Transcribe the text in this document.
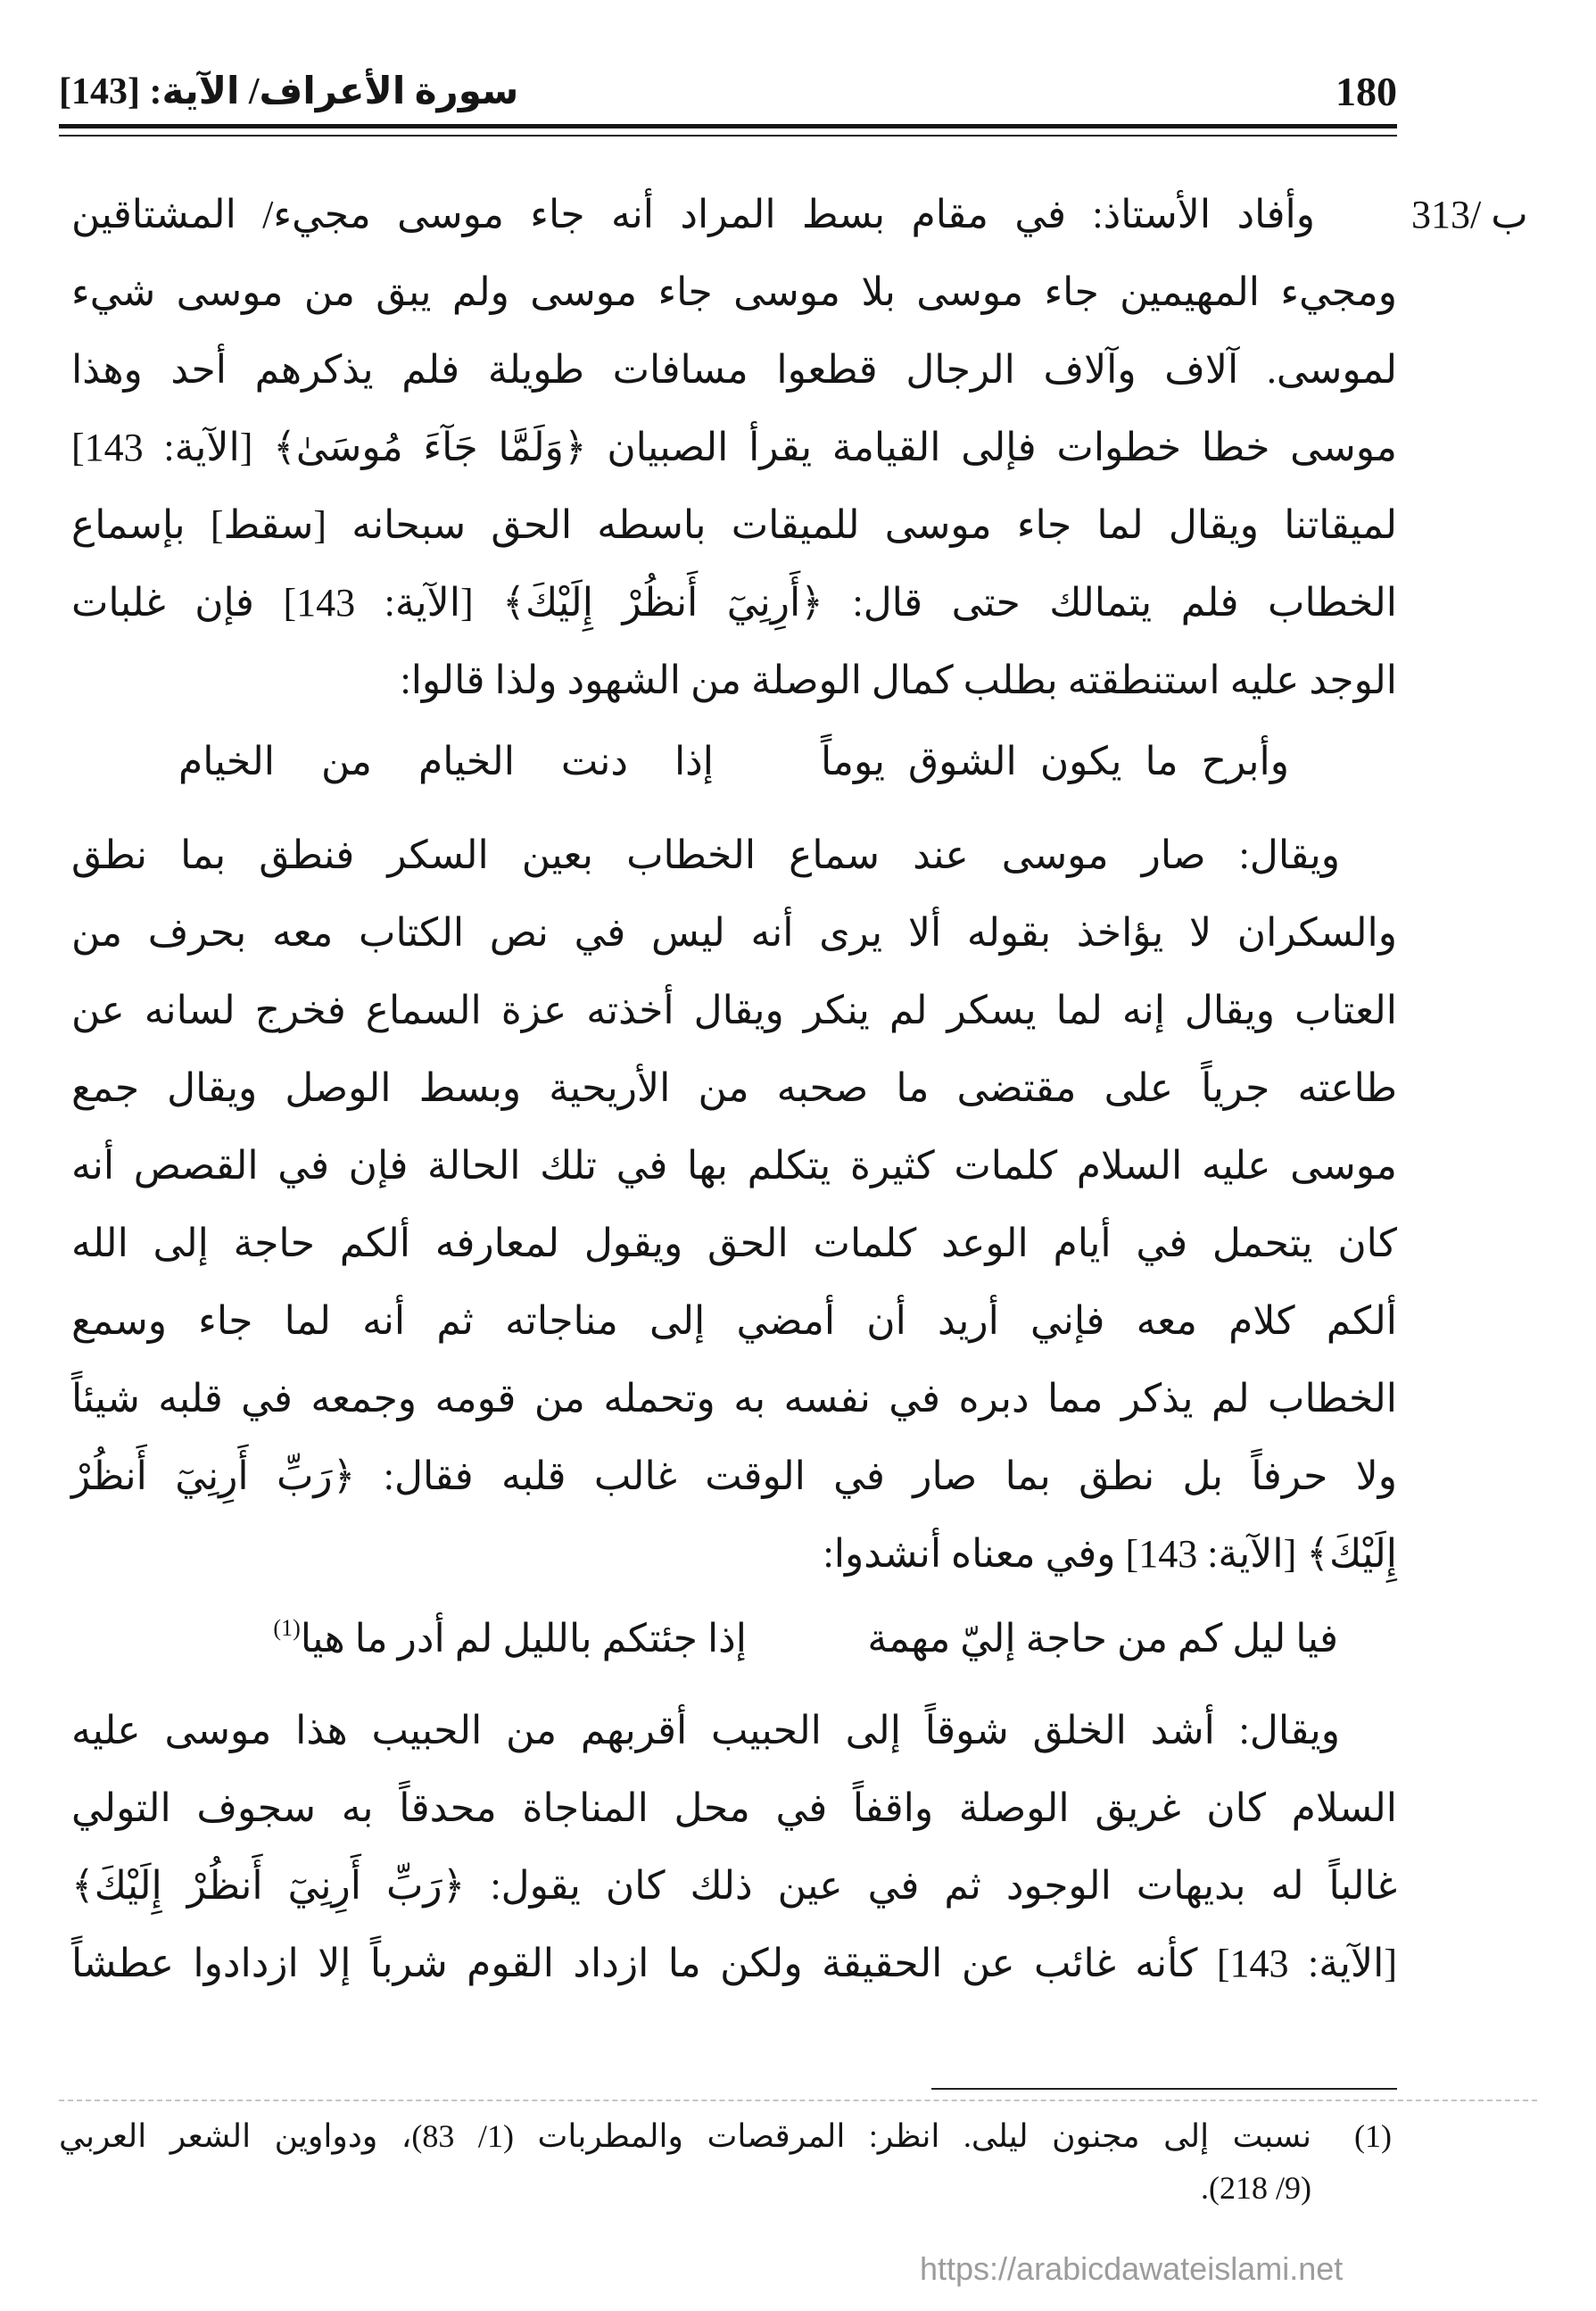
180
سورة الأعراف/ الآية: [143]
313/ ب
وأفاد الأستاذ: في مقام بسط المراد أنه جاء موسى مجيء/ المشتاقين
ومجيء المهيمين جاء موسى بلا موسى جاء موسى ولم يبق من موسى شيء
لموسى. آلاف وآلاف الرجال قطعوا مسافات طويلة فلم يذكرهم أحد وهذا
موسى خطا خطوات فإلى القيامة يقرأ الصبيان ﴿وَلَمَّا جَآءَ مُوسَىٰ﴾ [الآية: 143]
لميقاتنا ويقال لما جاء موسى للميقات باسطه الحق سبحانه [سقط] بإسماع
الخطاب فلم يتمالك حتى قال: ﴿أَرِنِيٓ أَنظُرْ إِلَيْكَ﴾ [الآية: 143] فإن غلبات
الوجد عليه استنطقته بطلب كمال الوصلة من الشهود ولذا قالوا:
وأبرح ما يكون الشوق يوماً
إذا دنت الخيام من الخيام
ويقال: صار موسى عند سماع الخطاب بعين السكر فنطق بما نطق
والسكران لا يؤاخذ بقوله ألا يرى أنه ليس في نص الكتاب معه بحرف من
العتاب ويقال إنه لما يسكر لم ينكر ويقال أخذته عزة السماع فخرج لسانه عن
طاعته جرياً على مقتضى ما صحبه من الأريحية وبسط الوصل ويقال جمع
موسى عليه السلام كلمات كثيرة يتكلم بها في تلك الحالة فإن في القصص أنه
كان يتحمل في أيام الوعد كلمات الحق ويقول لمعارفه ألكم حاجة إلى الله
ألكم كلام معه فإني أريد أن أمضي إلى مناجاته ثم أنه لما جاء وسمع
الخطاب لم يذكر مما دبره في نفسه به وتحمله من قومه وجمعه في قلبه شيئاً
ولا حرفاً بل نطق بما صار في الوقت غالب قلبه فقال: ﴿رَبِّ أَرِنِيٓ أَنظُرْ
إِلَيْكَ﴾ [الآية: 143] وفي معناه أنشدوا:
فيا ليل كم من حاجة إليّ مهمة
إذا جئتكم بالليل لم أدر ما هيا$^{(1)}$
ويقال: أشد الخلق شوقاً إلى الحبيب أقربهم من الحبيب هذا موسى عليه
السلام كان غريق الوصلة واقفاً في محل المناجاة محدقاً به سجوف التولي
غالباً له بديهات الوجود ثم في عين ذلك كان يقول: ﴿رَبِّ أَرِنِيٓ أَنظُرْ إِلَيْكَ﴾
[الآية: 143] كأنه غائب عن الحقيقة ولكن ما ازداد القوم شرباً إلا ازدادوا عطشاً
(1)
نسبت إلى مجنون ليلى. انظر: المرقصات والمطربات (1/ 83)، ودواوين الشعر العربي
(9/ 218).
https://arabicdawateislami.net
